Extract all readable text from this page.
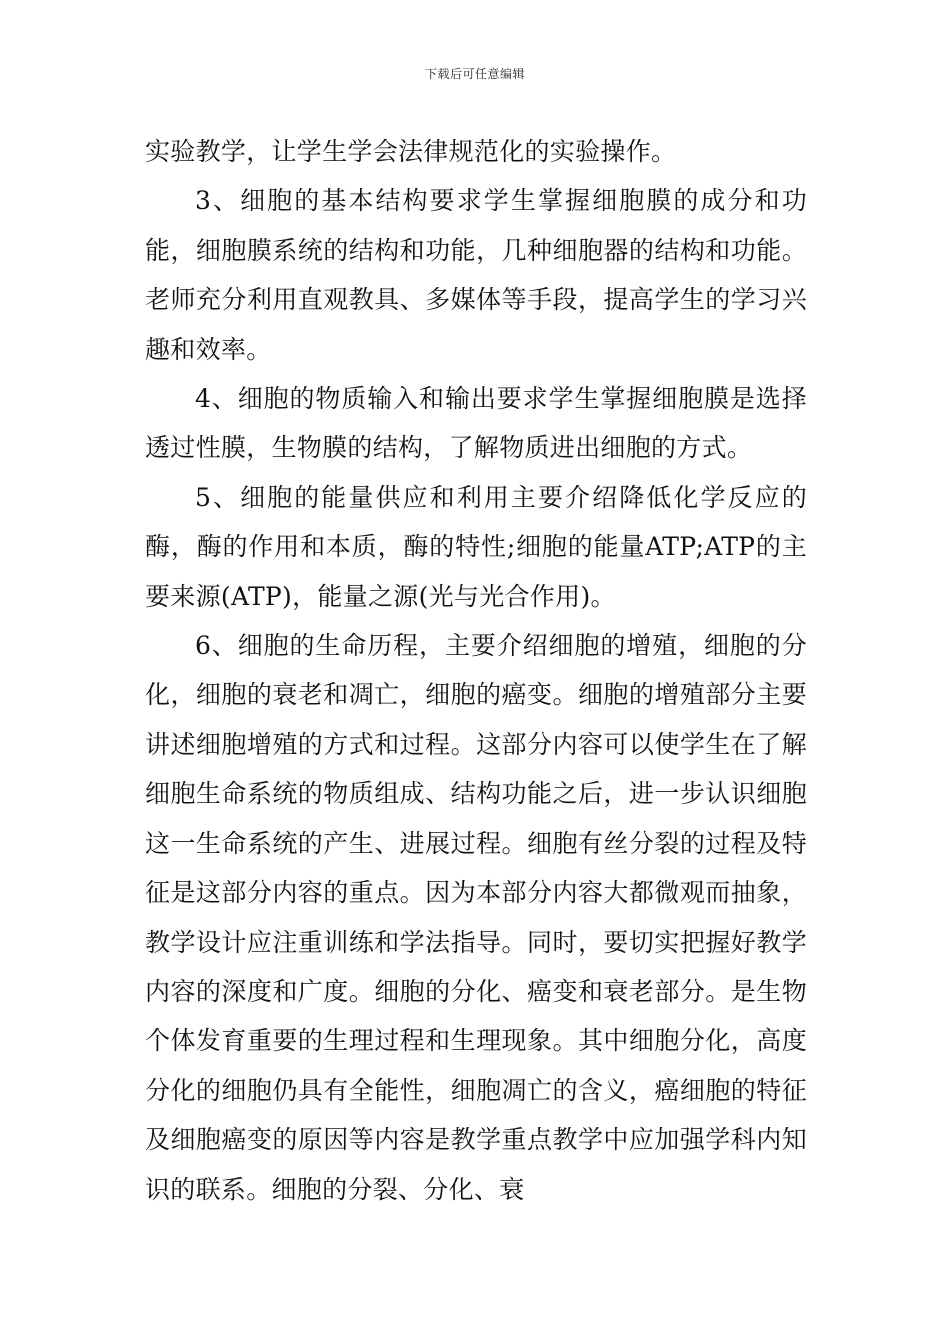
下载后可任意编辑

实验教学，让学生学会法律规范化的实验操作。

3、细胞的基本结构要求学生掌握细胞膜的成分和功能，细胞膜系统的结构和功能，几种细胞器的结构和功能。老师充分利用直观教具、多媒体等手段，提高学生的学习兴趣和效率。

4、细胞的物质输入和输出要求学生掌握细胞膜是选择透过性膜，生物膜的结构，了解物质进出细胞的方式。

5、细胞的能量供应和利用主要介绍降低化学反应的酶，酶的作用和本质，酶的特性;细胞的能量ATP;ATP的主要来源(ATP)，能量之源(光与光合作用)。

6、细胞的生命历程，主要介绍细胞的增殖，细胞的分化，细胞的衰老和凋亡，细胞的癌变。细胞的增殖部分主要讲述细胞增殖的方式和过程。这部分内容可以使学生在了解细胞生命系统的物质组成、结构功能之后，进一步认识细胞这一生命系统的产生、进展过程。细胞有丝分裂的过程及特征是这部分内容的重点。因为本部分内容大都微观而抽象，教学设计应注重训练和学法指导。同时，要切实把握好教学内容的深度和广度。细胞的分化、癌变和衰老部分。是生物个体发育重要的生理过程和生理现象。其中细胞分化，高度分化的细胞仍具有全能性，细胞凋亡的含义，癌细胞的特征及细胞癌变的原因等内容是教学重点教学中应加强学科内知识的联系。细胞的分裂、分化、衰
